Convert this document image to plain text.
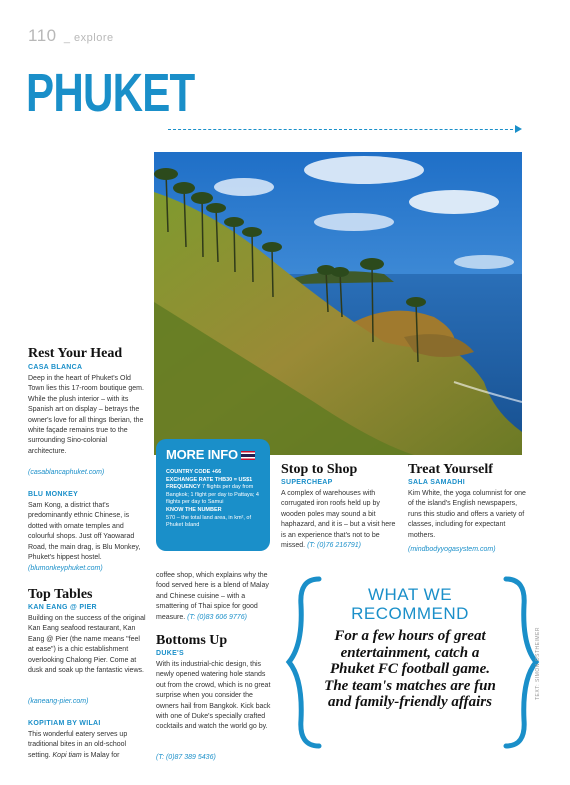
110 _ explore
PHUKET
Rest Your Head
CASA BLANCA
Deep in the heart of Phuket's Old Town lies this 17-room boutique gem. While the plush interior – with its Spanish art on display – betrays the owner's love for all things Iberian, the white façade remains true to the surrounding Sino-colonial architecture.
(casablancaphuket.com)
BLU MONKEY
Sam Kong, a district that's predominantly ethnic Chinese, is dotted with ornate temples and colourful shops. Just off Yaowarad Road, the main drag, is Blu Monkey, Phuket's hippest hostel.
(blumonkeyphuket.com)
Top Tables
KAN EANG @ PIER
Building on the success of the original Kan Eang seafood restaurant, Kan Eang @ Pier (the name means "feel at ease") is a chic establishment overlooking Chalong Pier. Come at dusk and soak up the fantastic views.
(kaneang-pier.com)
KOPITIAM BY WILAI
This wonderful eatery serves up traditional bites in an old-school setting. Kopi tiam is Malay for
coffee shop, which explains why the food served here is a blend of Malay and Chinese cuisine – with a smattering of Thai spice for good measure. (T: (0)83 606 9776)
Bottoms Up
DUKE'S
With its industrial-chic design, this newly opened watering hole stands out from the crowd, which is no great surprise when you consider the owners hail from Bangkok. Kick back with one of Duke's specially crafted cocktails and watch the world go by.
(T: (0)87 389 5436)
MORE INFO
COUNTRY CODE +66
EXCHANGE RATE THB30 = US$1
FREQUENCY 7 flights per day from Bangkok; 1 flight per day to Pattaya; 4 flights per day to Samui
KNOW THE NUMBER
570 – the total land area, in km², of Phuket Island
Stop to Shop
SUPERCHEAP
A complex of warehouses with corrugated iron roofs held up by wooden poles may sound a bit haphazard, and it is – but a visit here is an experience that's not to be missed. (T: (0)76 216791)
Treat Yourself
SALA SAMADHI
Kim White, the yoga columnist for one of the island's English newspapers, runs this studio and offers a variety of classes, including for expectant mothers.
(mindbodyyogasystem.com)
WHAT WE
RECOMMEND
For a few hours of great entertainment, catch a Phuket FC football game. The team's matches are fun and family-friendly affairs
TEXT: SIMON OSTHEIMER
